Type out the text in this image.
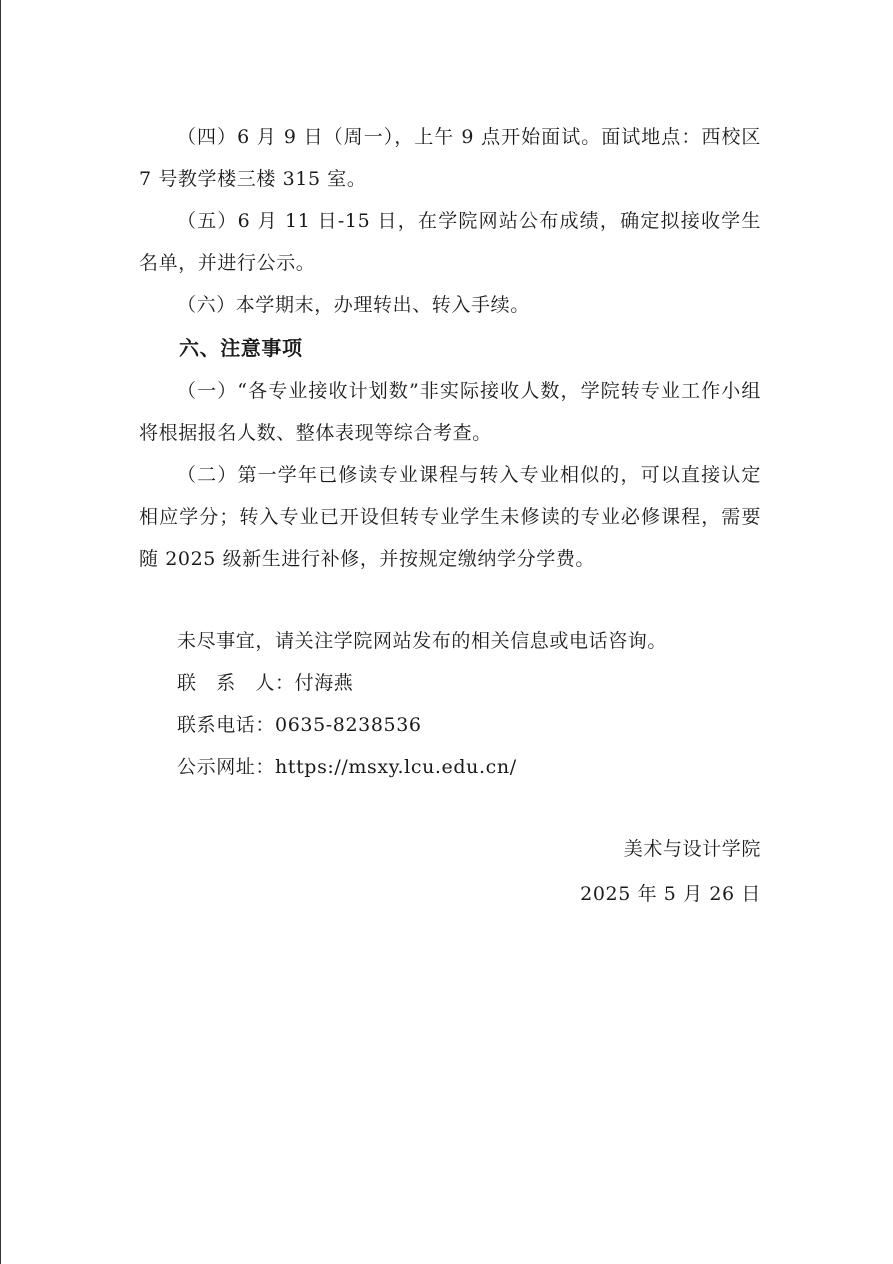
（四）6 月 9 日（周一），上午 9 点开始面试。面试地点：西校区 7 号教学楼三楼 315 室。

（五）6 月 11 日-15 日，在学院网站公布成绩，确定拟接收学生名单，并进行公示。

（六）本学期末，办理转出、转入手续。

六、注意事项

（一）“各专业接收计划数”非实际接收人数，学院转专业工作小组将根据报名人数、整体表现等综合考查。

（二）第一学年已修读专业课程与转入专业相似的，可以直接认定相应学分；转入专业已开设但转专业学生未修读的专业必修课程，需要随 2025 级新生进行补修，并按规定缴纳学分学费。

未尽事宜，请关注学院网站发布的相关信息或电话咨询。

联　系　人：付海燕

联系电话：0635-8238536

公示网址：https://msxy.lcu.edu.cn/

美术与设计学院

2025 年 5 月 26 日
